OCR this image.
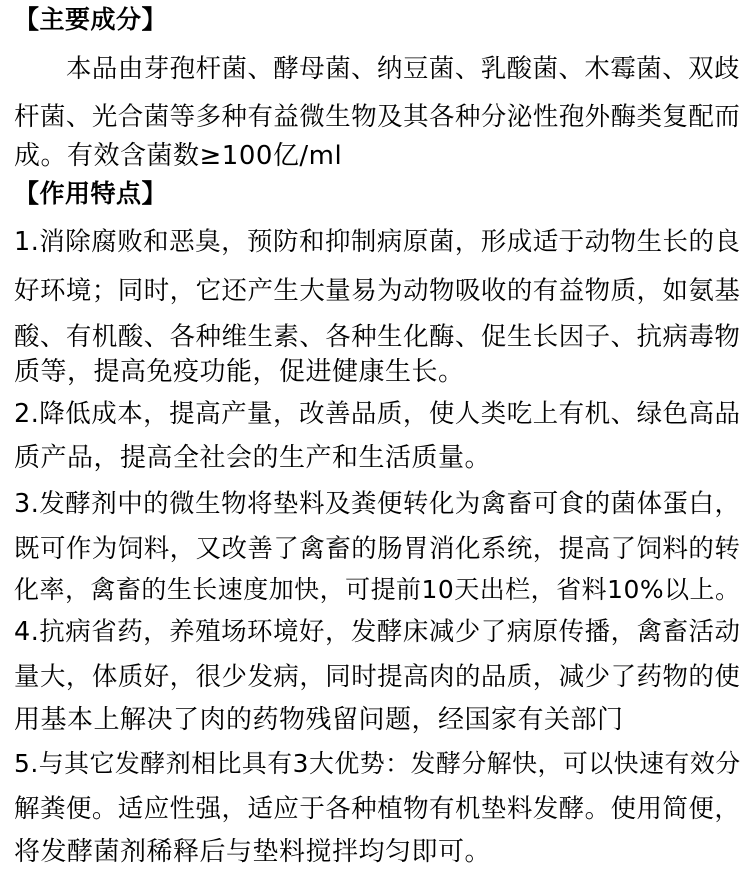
【主要成分】
本品由芽孢杆菌、酵母菌、纳豆菌、乳酸菌、木霉菌、双歧
杆菌、光合菌等多种有益微生物及其各种分泌性孢外酶类复配而
成。有效含菌数≥100亿/ml
【作用特点】
1.消除腐败和恶臭，预防和抑制病原菌，形成适于动物生长的良
好环境；同时，它还产生大量易为动物吸收的有益物质，如氨基
酸、有机酸、各种维生素、各种生化酶、促生长因子、抗病毒物
质等，提高免疫功能，促进健康生长。
2.降低成本，提高产量，改善品质，使人类吃上有机、绿色高品
质产品，提高全社会的生产和生活质量。
3.发酵剂中的微生物将垫料及粪便转化为禽畜可食的菌体蛋白，
既可作为饲料，又改善了禽畜的肠胃消化系统，提高了饲料的转
化率，禽畜的生长速度加快，可提前10天出栏，省料10%以上。
4.抗病省药，养殖场环境好，发酵床减少了病原传播，禽畜活动
量大，体质好，很少发病，同时提高肉的品质，减少了药物的使
用基本上解决了肉的药物残留问题，经国家有关部门
5.与其它发酵剂相比具有3大优势：发酵分解快，可以快速有效分
解粪便。适应性强，适应于各种植物有机垫料发酵。使用简便，
将发酵菌剂稀释后与垫料搅拌均匀即可。
